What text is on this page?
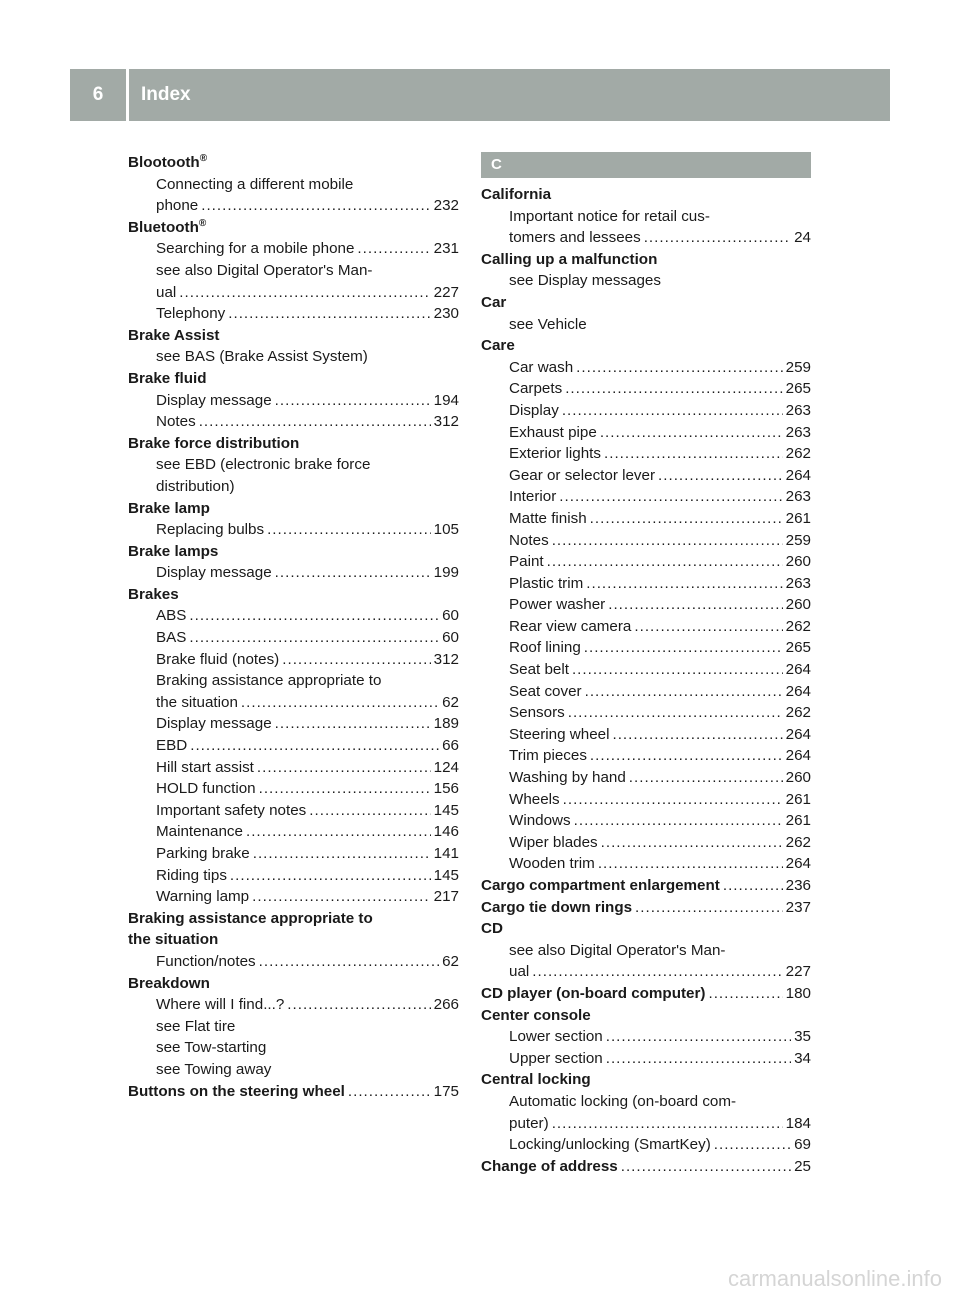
6	Index
Blootooth®
Connecting a different mobile
phone .....	232
Bluetooth®
Searching for a mobile phone .....	231
see also Digital Operator's Man-
ual .....	227
Telephony .....	230
Brake Assist
see BAS (Brake Assist System)
Brake fluid
Display message .....	194
Notes .....	312
Brake force distribution
see EBD (electronic brake force
distribution)
Brake lamp
Replacing bulbs .....	105
Brake lamps
Display message .....	199
Brakes
ABS .....	60
BAS .....	60
Brake fluid (notes) .....	312
Braking assistance appropriate to
the situation .....	62
Display message .....	189
EBD .....	66
Hill start assist .....	124
HOLD function .....	156
Important safety notes .....	145
Maintenance .....	146
Parking brake .....	141
Riding tips .....	145
Warning lamp .....	217
Braking assistance appropriate to
the situation
Function/notes .....	62
Breakdown
Where will I find...? .....	266
see Flat tire
see Tow-starting
see Towing away
Buttons on the steering wheel .....	175
C
California
Important notice for retail cus-
tomers and lessees .....	24
Calling up a malfunction
see Display messages
Car
see Vehicle
Care
Car wash .....	259
Carpets .....	265
Display .....	263
Exhaust pipe .....	263
Exterior lights .....	262
Gear or selector lever .....	264
Interior .....	263
Matte finish .....	261
Notes .....	259
Paint .....	260
Plastic trim .....	263
Power washer .....	260
Rear view camera .....	262
Roof lining .....	265
Seat belt .....	264
Seat cover .....	264
Sensors .....	262
Steering wheel .....	264
Trim pieces .....	264
Washing by hand .....	260
Wheels .....	261
Windows .....	261
Wiper blades .....	262
Wooden trim .....	264
Cargo compartment enlargement .....	236
Cargo tie down rings .....	237
CD
see also Digital Operator's Man-
ual .....	227
CD player (on-board computer) .....	180
Center console
Lower section .....	35
Upper section .....	34
Central locking
Automatic locking (on-board com-
puter) .....	184
Locking/unlocking (SmartKey) .....	69
Change of address .....	25
carmanualsonline.info
